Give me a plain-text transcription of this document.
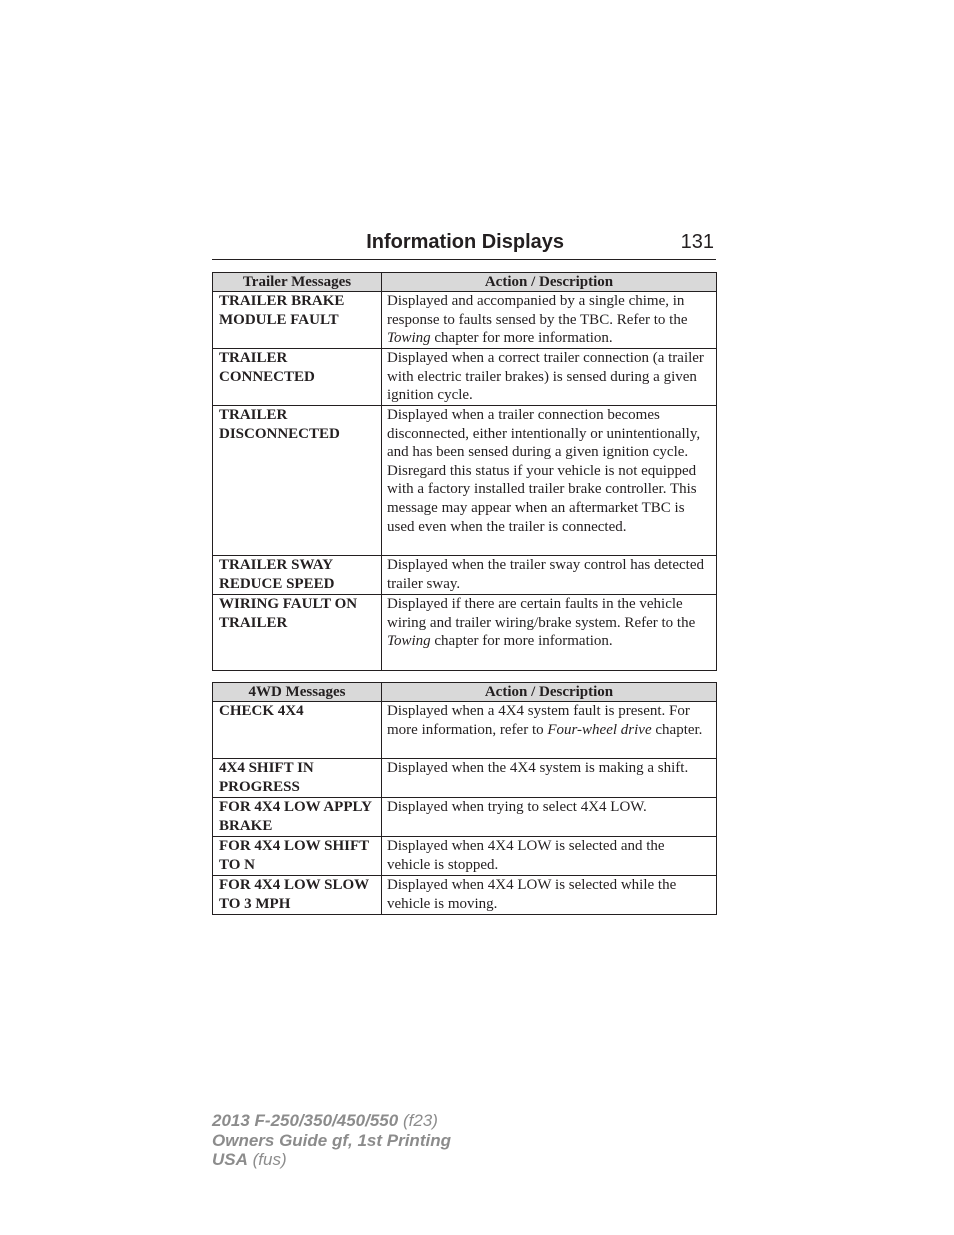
Information Displays	131
Trailer Messages	Action / Description
TRAILER BRAKE MODULE FAULT	Displayed and accompanied by a single chime, in response to faults sensed by the TBC. Refer to the Towing chapter for more information.
TRAILER CONNECTED	Displayed when a correct trailer connection (a trailer with electric trailer brakes) is sensed during a given ignition cycle.
TRAILER DISCONNECTED	Displayed when a trailer connection becomes disconnected, either intentionally or unintentionally, and has been sensed during a given ignition cycle. Disregard this status if your vehicle is not equipped with a factory installed trailer brake controller. This message may appear when an aftermarket TBC is used even when the trailer is connected.
TRAILER SWAY REDUCE SPEED	Displayed when the trailer sway control has detected trailer sway.
WIRING FAULT ON TRAILER	Displayed if there are certain faults in the vehicle wiring and trailer wiring/brake system. Refer to the Towing chapter for more information.
4WD Messages	Action / Description
CHECK 4X4	Displayed when a 4X4 system fault is present. For more information, refer to Four-wheel drive chapter.
4X4 SHIFT IN PROGRESS	Displayed when the 4X4 system is making a shift.
FOR 4X4 LOW APPLY BRAKE	Displayed when trying to select 4X4 LOW.
FOR 4X4 LOW SHIFT TO N	Displayed when 4X4 LOW is selected and the vehicle is stopped.
FOR 4X4 LOW SLOW TO 3 MPH	Displayed when 4X4 LOW is selected while the vehicle is moving.
2013 F-250/350/450/550 (f23)
Owners Guide gf, 1st Printing
USA (fus)
